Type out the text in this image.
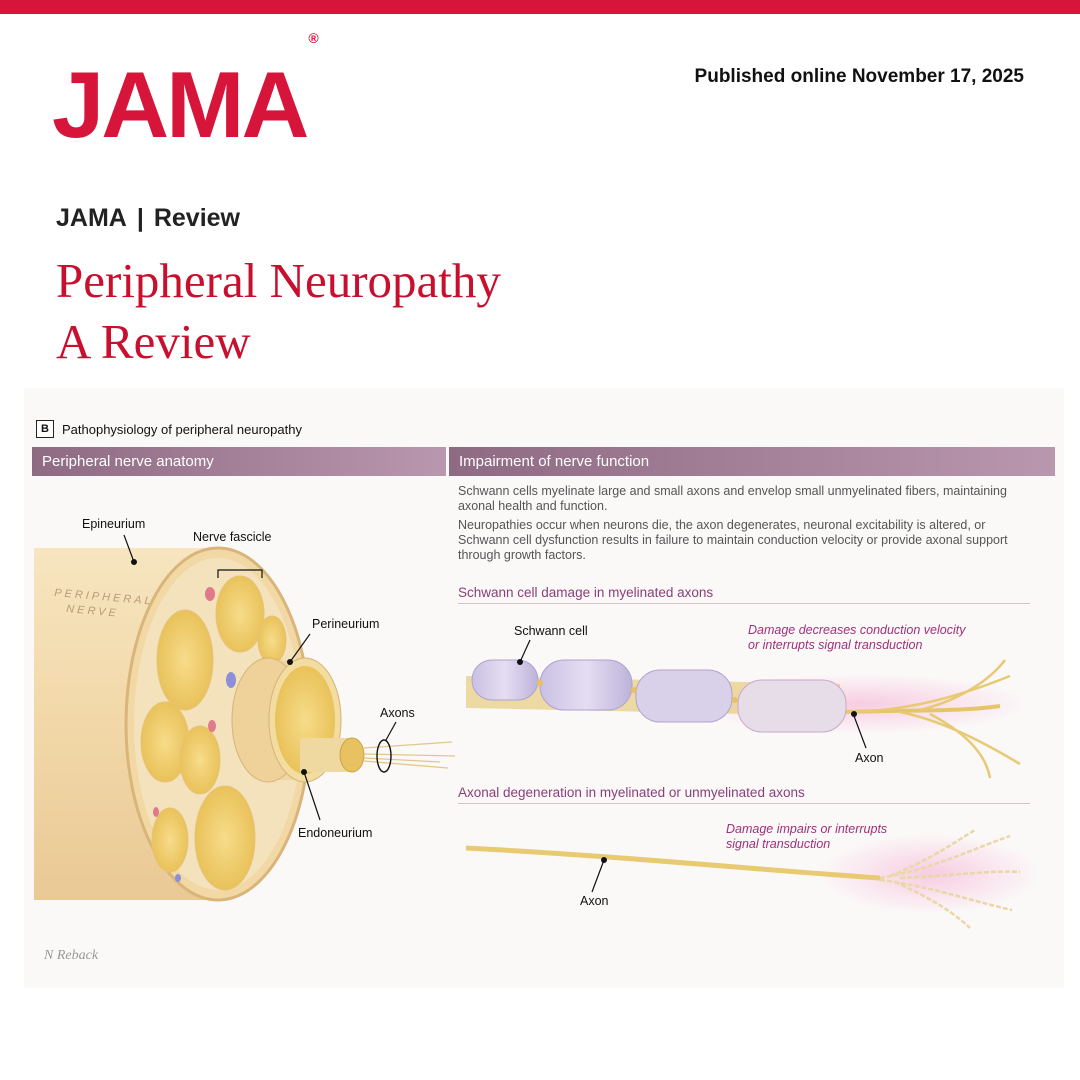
JAMA®
Published online November 17, 2025
JAMA | Review
Peripheral Neuropathy
A Review
PERIPHERAL
NERVE
B	Pathophysiology of peripheral neuropathy
Peripheral nerve anatomy	Impairment of nerve function
Epineurium
Nerve fascicle
Perineurium
Axons
Endoneurium
Schwann cells myelinate large and small axons and envelop small unmyelinated fibers, maintaining axonal health and function.
Neuropathies occur when neurons die, the axon degenerates, neuronal excitability is altered, or Schwann cell dysfunction results in failure to maintain conduction velocity or provide axonal support through growth factors.
Schwann cell damage in myelinated axons
Schwann cell	Damage decreases conduction velocity
or interrupts signal transduction
Axon
Axonal degeneration in myelinated or unmyelinated axons
Damage impairs or interrupts
signal transduction
Axon
N Reback
